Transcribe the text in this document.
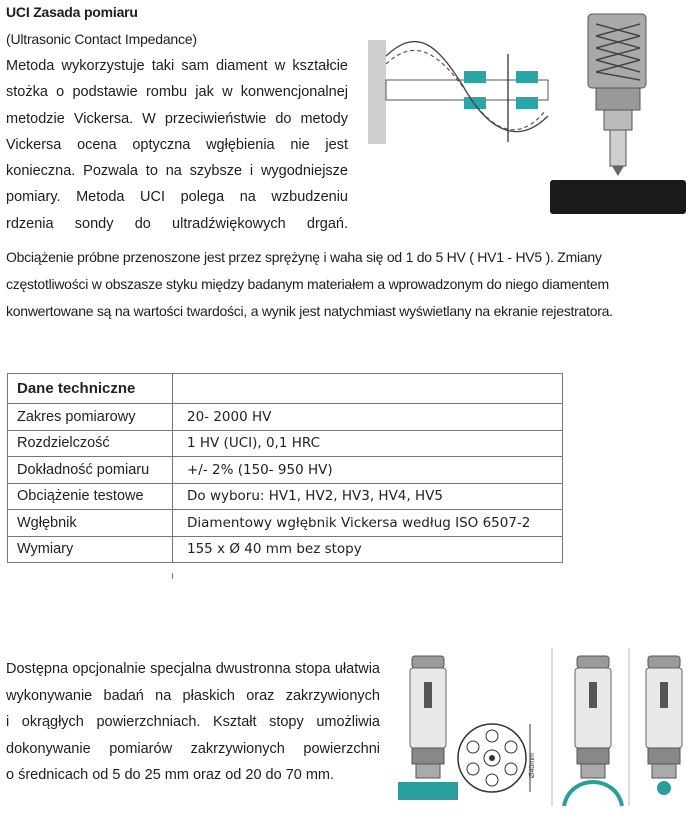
UCI Zasada pomiaru
(Ultrasonic Contact Impedance)
Metoda wykorzystuje taki sam diament w kształcie
stożka o podstawie rombu jak w konwencjonalnej
metodzie Vickersa. W przeciwieństwie do metody
Vickersa ocena optyczna wgłębienia nie jest
konieczna. Pozwala to na szybsze i wygodniejsze
pomiary. Metoda UCI polega na wzbudzeniu
rdzenia sondy do ultradźwiękowych drgań.
Obciążenie próbne przenoszone jest przez sprężynę i waha się od 1 do 5 HV ( HV1 - HV5 ). Zmiany
częstotliwości w obszasze styku między badanym materiałem a wprowadzonym do niego diamentem
konwertowane są na wartości twardości, a wynik jest natychmiast wyświetlany na ekranie rejestratora.
Dane techniczne	
Zakres pomiarowy	20- 2000 HV
Rozdzielczość	1 HV (UCI), 0,1 HRC
Dokładność pomiaru	+/- 2% (150- 950 HV)
Obciążenie testowe	Do wyboru: HV1, HV2, HV3, HV4, HV5
Wgłębnik	Diamentowy wgłębnik Vickersa według ISO 6507-2
Wymiary	155 x Ø 40 mm bez stopy
Dostępna opcjonalnie specjalna dwustronna stopa ułatwia
wykonywanie badań na płaskich oraz zakrzywionych
i okrągłych powierzchniach. Kształt stopy umożliwia
dokonywanie pomiarów zakrzywionych powierzchni
o średnicach od 5 do 25 mm oraz od 20 do 70 mm.	Ø40mm
